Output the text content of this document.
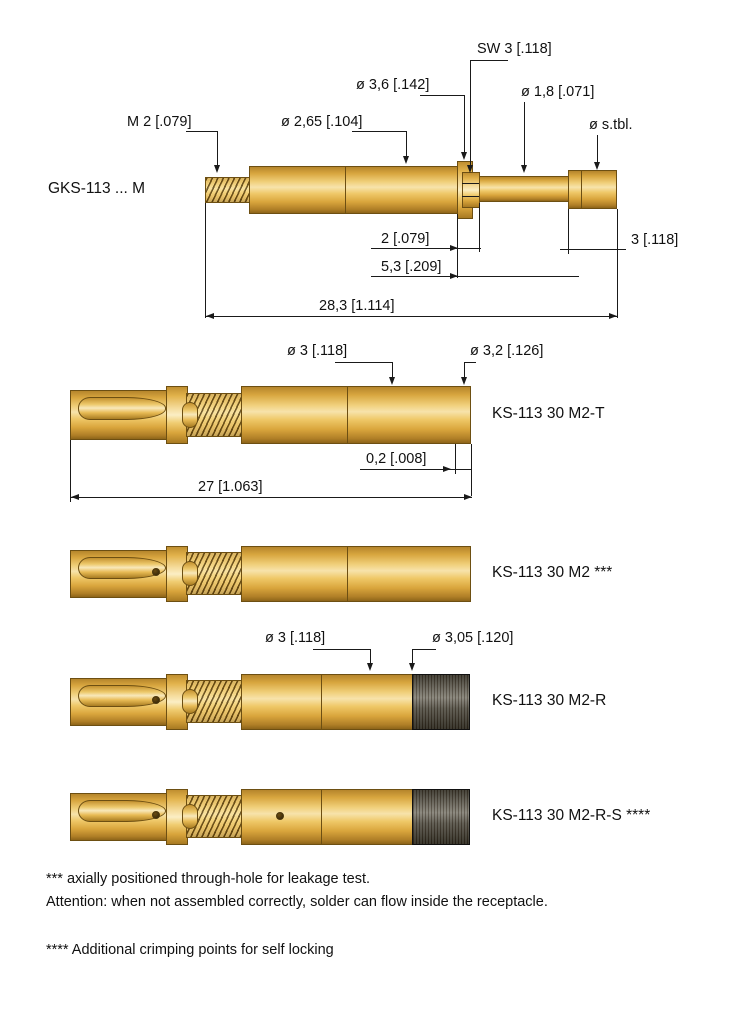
M 2 [.079]	ø 2,65 [.104]
ø 3,6 [.142]
SW 3 [.118]
ø 1,8 [.071]
ø s.tbl.
GKS-113 ... M
2 [.079]	3 [.118]
5,3 [.209]
28,3 [1.114]
ø 3 [.118]	ø 3,2 [.126]
KS-113 30 M2-T
0,2 [.008]
27 [1.063]
KS-113 30 M2 ***
ø 3 [.118]	ø 3,05 [.120]
KS-113 30 M2-R
KS-113 30 M2-R-S ****
*** axially positioned through-hole for leakage test.
Attention: when not assembled correctly, solder can flow inside the receptacle.
**** Additional crimping points for self locking
